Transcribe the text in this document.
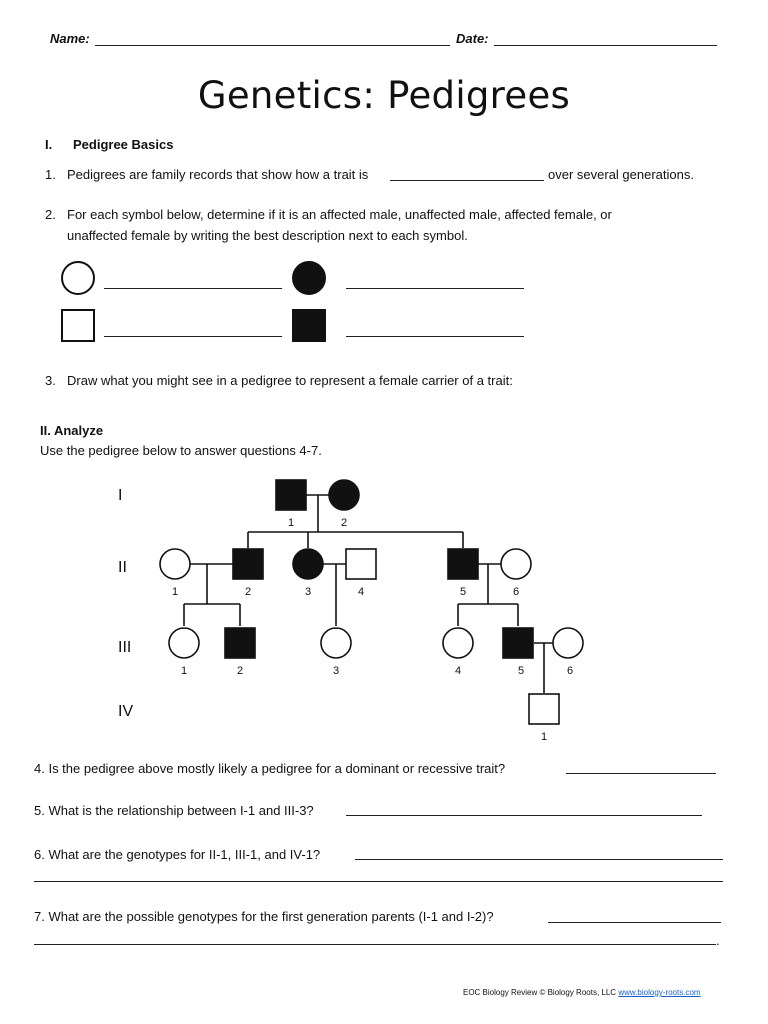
Name:	Date:
Genetics: Pedigrees
I. Pedigree Basics
1. Pedigrees are family records that show how a trait is	over several generations.
2. For each symbol below, determine if it is an affected male, unaffected male, affected female, or
unaffected female by writing the best description next to each symbol.
3. Draw what you might see in a pedigree to represent a female carrier of a trait:
II. Analyze
Use the pedigree below to answer questions 4-7.
I
II
III
IV
1	2
1	2	3	4	5	6
1	2	3	4	5	6
1
4. Is the pedigree above mostly likely a pedigree for a dominant or recessive trait?
5. What is the relationship between I-1 and III-3?
6. What are the genotypes for II-1, III-1, and IV-1?
7. What are the possible genotypes for the first generation parents (I-1 and I-2)?
.
EOC Biology Review © Biology Roots, LLC www.biology-roots.com
